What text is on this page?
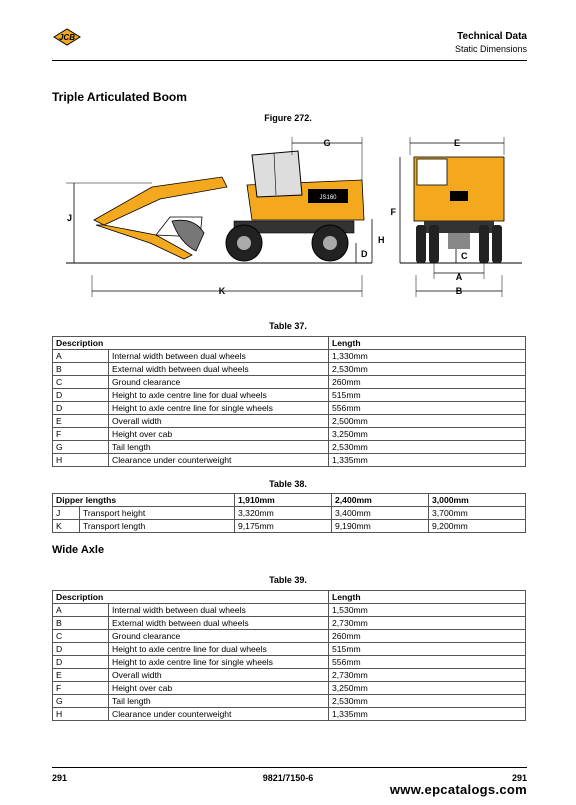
JCB	Technical Data
Static Dimensions
Triple Articulated Boom
Figure 272.
JS160
J
K
G
H
D
E
F
C
A
B
Table 37.
Description		Length
A	Internal width between dual wheels	1,330mm
B	External width between dual wheels	2,530mm
C	Ground clearance	260mm
D	Height to axle centre line for dual wheels	515mm
D	Height to axle centre line for single wheels	556mm
E	Overall width	2,500mm
F	Height over cab	3,250mm
G	Tail length	2,530mm
H	Clearance under counterweight	1,335mm
Table 38.
Dipper lengths		1,910mm	2,400mm	3,000mm
J	Transport height	3,320mm	3,400mm	3,700mm
K	Transport length	9,175mm	9,190mm	9,200mm
Wide Axle
Table 39.
Description		Length
A	Internal width between dual wheels	1,530mm
B	External width between dual wheels	2,730mm
C	Ground clearance	260mm
D	Height to axle centre line for dual wheels	515mm
D	Height to axle centre line for single wheels	556mm
E	Overall width	2,730mm
F	Height over cab	3,250mm
G	Tail length	2,530mm
H	Clearance under counterweight	1,335mm
291	9821/7150-6	291
www.epcatalogs.com
